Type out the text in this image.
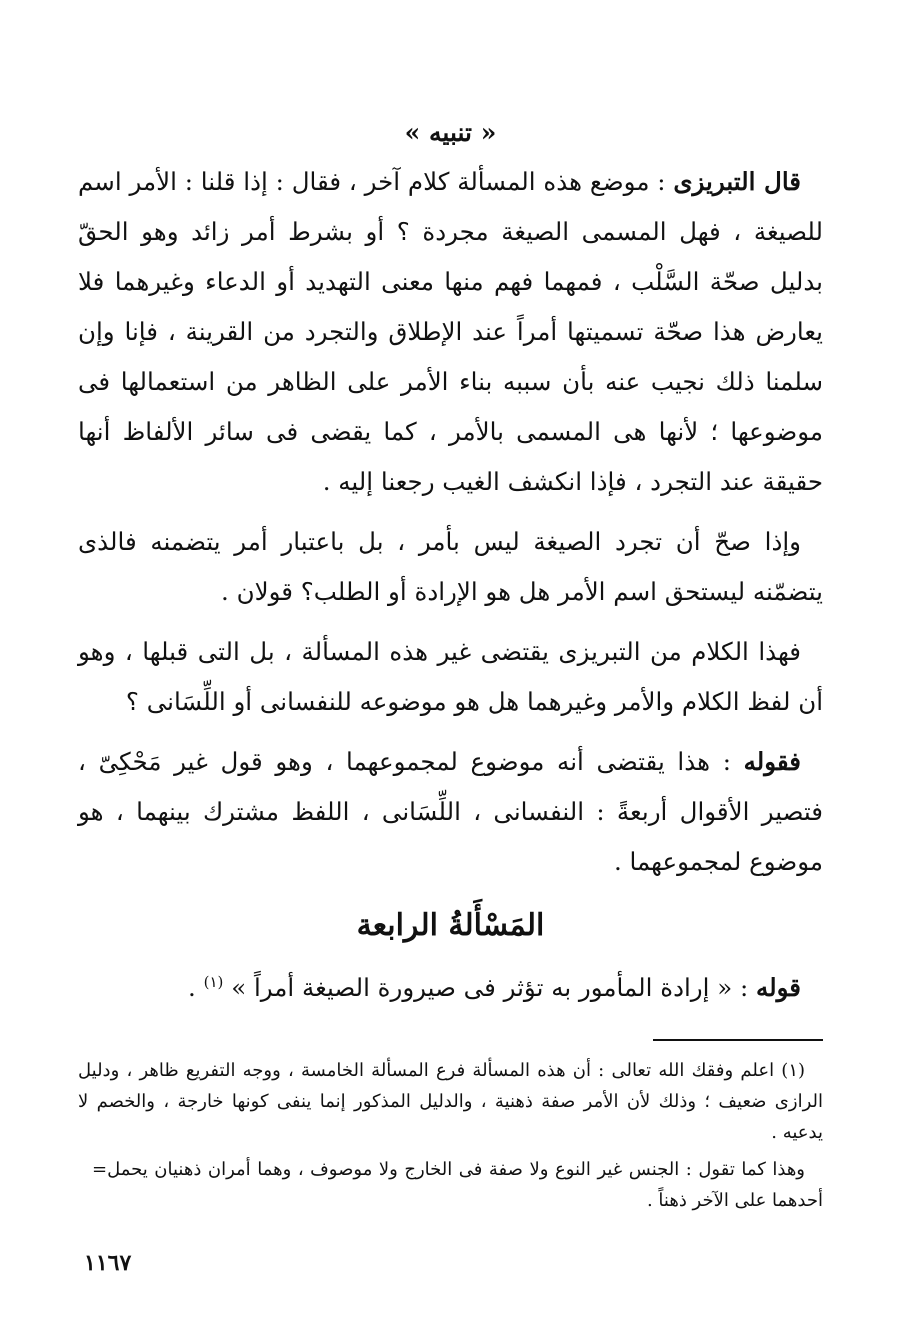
« تنبيه »

قال التبريزى : موضع هذه المسألة كلام آخر ، فقال : إذا قلنا : الأمر اسم للصيغة ، فهل المسمى الصيغة مجردة ؟ أو بشرط أمر زائد وهو الحقّ بدليل صحّة السَّلْب ، فمهما فهم منها معنى التهديد أو الدعاء وغيرهما فلا يعارض هذا صحّة تسميتها أمراً عند الإطلاق والتجرد من القرينة ، فإنا وإن سلمنا ذلك نجيب عنه بأن سببه بناء الأمر على الظاهر من استعمالها فى موضوعها ؛ لأنها هى المسمى بالأمر ، كما يقضى فى سائر الألفاظ أنها حقيقة عند التجرد ، فإذا انكشف الغيب رجعنا إليه .

وإذا صحّ أن تجرد الصيغة ليس بأمر ، بل باعتبار أمر يتضمنه فالذى يتضمّنه ليستحق اسم الأمر هل هو الإرادة أو الطلب؟ قولان .

فهذا الكلام من التبريزى يقتضى غير هذه المسألة ، بل التى قبلها ، وهو أن لفظ الكلام والأمر وغيرهما هل هو موضوعه للنفسانى أو اللِّسَانى ؟

فقوله : هذا يقتضى أنه موضوع لمجموعهما ، وهو قول غير مَحْكِىّ ، فتصير الأقوال أربعةً : النفسانى ، اللِّسَانى ، اللفظ مشترك بينهما ، هو موضوع لمجموعهما .

المَسْأَلةُ الرابعة

قوله : « إرادة المأمور به تؤثر فى صيرورة الصيغة أمراً » $^{(١)}$ .

(١) اعلم وفقك الله تعالى : أن هذه المسألة فرع المسألة الخامسة ، ووجه التفريع ظاهر ، ودليل الرازى ضعيف ؛ وذلك لأن الأمر صفة ذهنية ، والدليل المذكور إنما ينفى كونها خارجة ، والخصم لا يدعيه .

وهذا كما تقول : الجنس غير النوع ولا صفة فى الخارج ولا موصوف ، وهما أمران ذهنيان يحمل أحدهما على الآخر ذهناً .

=
١١٦٧
